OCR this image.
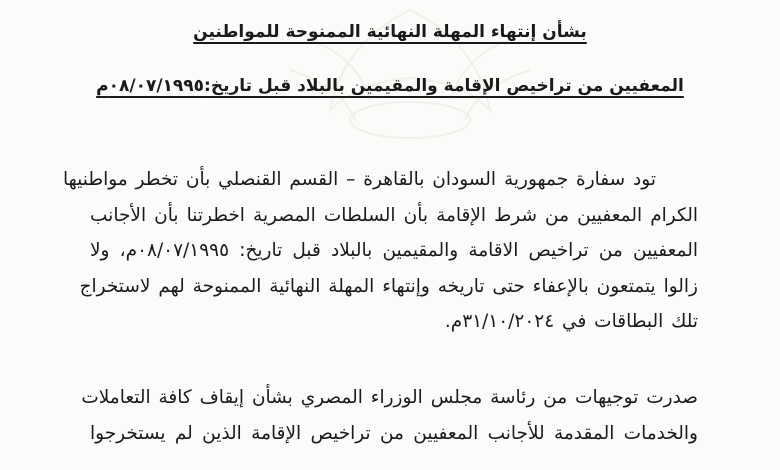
بشأن إنتهاء المهلة النهائية الممنوحة للمواطنين
المعفيين من تراخيص الإقامة والمقيمين بالبلاد قبل تاريخ:٠٨/٠٧/١٩٩٥م
تود سفارة جمهورية السودان بالقاهرة – القسم القنصلي بأن تخطر مواطنيها
الكرام المعفيين من شرط الإقامة بأن السلطات المصرية اخطرتنا بأن الأجانب
المعفيين من تراخيص الاقامة والمقيمين بالبلاد قبل تاريخ: ٠٨/٠٧/١٩٩٥م، ولا
زالوا يتمتعون بالإعفاء حتى تاريخه وإنتهاء المهلة النهائية الممنوحة لهم لاستخراج
تلك البطاقات في ٣١/١٠/٢٠٢٤م.
صدرت توجيهات من رئاسة مجلس الوزراء المصري بشأن إيقاف كافة التعاملات
والخدمات المقدمة للأجانب المعفيين من تراخيص الإقامة الذين لم يستخرجوا
